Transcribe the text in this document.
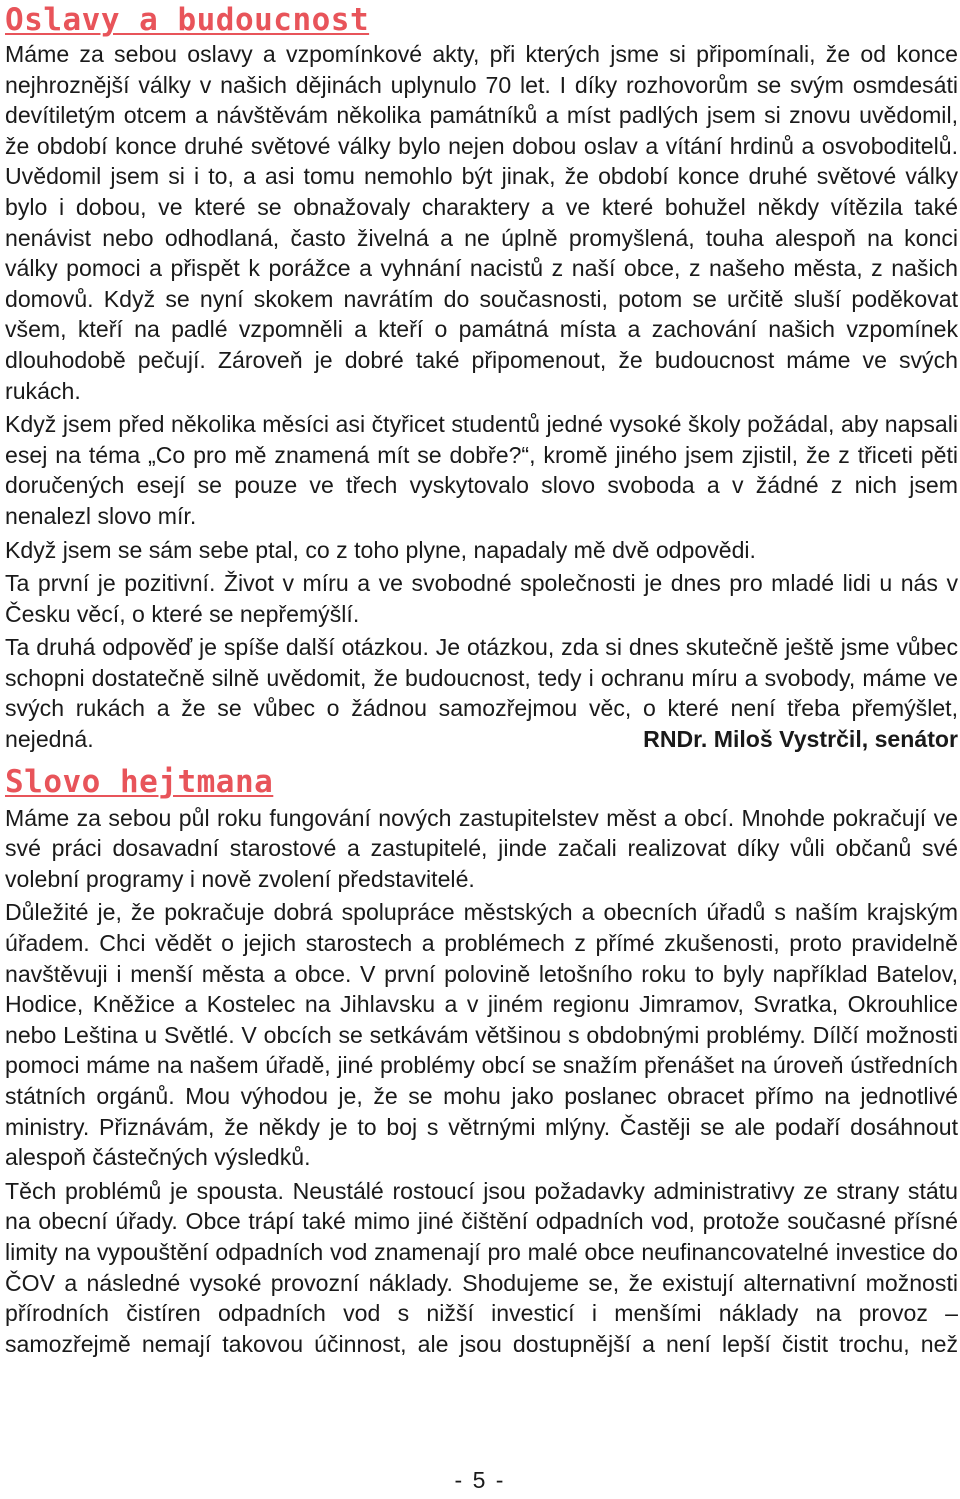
Oslavy a budoucnost

Máme za sebou oslavy a vzpomínkové akty, při kterých jsme si připomínali, že od konce nejhroznější války v našich dějinách uplynulo 70 let. I díky rozhovorům se svým osmdesáti devítiletým otcem a návštěvám několika památníků a míst padlých jsem si znovu uvědomil, že období konce druhé světové války bylo nejen dobou oslav a vítání hrdinů a osvoboditelů. Uvědomil jsem si i to, a asi tomu nemohlo být jinak, že období konce druhé světové války bylo i dobou, ve které se obnažovaly charaktery a ve které bohužel někdy vítězila také nenávist nebo odhodlaná, často živelná a ne úplně promyšlená, touha alespoň na konci války pomoci a přispět k porážce a vyhnání nacistů z naší obce, z našeho města, z našich domovů. Když se nyní skokem navrátím do současnosti, potom se určitě sluší poděkovat všem, kteří na padlé vzpomněli a kteří o památná místa a zachování našich vzpomínek dlouhodobě pečují. Zároveň je dobré také připomenout, že budoucnost máme ve svých rukách.

Když jsem před několika měsíci asi čtyřicet studentů jedné vysoké školy požádal, aby napsali esej na téma „Co pro mě znamená mít se dobře?“, kromě jiného jsem zjistil, že z třiceti pěti doručených esejí se pouze ve třech vyskytovalo slovo svoboda a v žádné z nich jsem nenalezl slovo mír.

Když jsem se sám sebe ptal, co z toho plyne, napadaly mě dvě odpovědi.

Ta první je pozitivní. Život v míru a ve svobodné společnosti je dnes pro mladé lidi u nás v Česku věcí, o které se nepřemýšlí.

Ta druhá odpověď je spíše další otázkou. Je otázkou, zda si dnes skutečně ještě jsme vůbec schopni dostatečně silně uvědomit, že budoucnost, tedy i ochranu míru a svobody, máme ve svých rukách a že se vůbec o žádnou samozřejmou věc, o které není třeba přemýšlet, nejedná.	RNDr. Miloš Vystrčil, senátor

Slovo hejtmana

Máme za sebou půl roku fungování nových zastupitelstev měst a obcí. Mnohde pokračují ve své práci dosavadní starostové a zastupitelé, jinde začali realizovat díky vůli občanů své volební programy i nově zvolení představitelé.

Důležité je, že pokračuje dobrá spolupráce městských a obecních úřadů s naším krajským úřadem. Chci vědět o jejich starostech a problémech z přímé zkušenosti, proto pravidelně navštěvuji i menší města a obce. V první polovině letošního roku to byly například Batelov, Hodice, Kněžice a Kostelec na Jihlavsku a v jiném regionu Jimramov, Svratka, Okrouhlice nebo Leština u Světlé. V obcích se setkávám většinou s obdobnými problémy. Dílčí možnosti pomoci máme na našem úřadě, jiné problémy obcí se snažím přenášet na úroveň ústředních státních orgánů. Mou výhodou je, že se mohu jako poslanec obracet přímo na jednotlivé ministry. Přiznávám, že někdy je to boj s větrnými mlýny. Častěji se ale podaří dosáhnout alespoň částečných výsledků.

Těch problémů je spousta. Neustálé rostoucí jsou požadavky administrativy ze strany státu na obecní úřady. Obce trápí také mimo jiné čištění odpadních vod, protože současné přísné limity na vypouštění odpadních vod znamenají pro malé obce neufinancovatelné investice do ČOV a následné vysoké provozní náklady. Shodujeme se, že existují alternativní možnosti přírodních čistíren odpadních vod s nižší investicí i menšími náklady na provoz – samozřejmě nemají takovou účinnost, ale jsou dostupnější a není lepší čistit trochu, než

- 5 -
